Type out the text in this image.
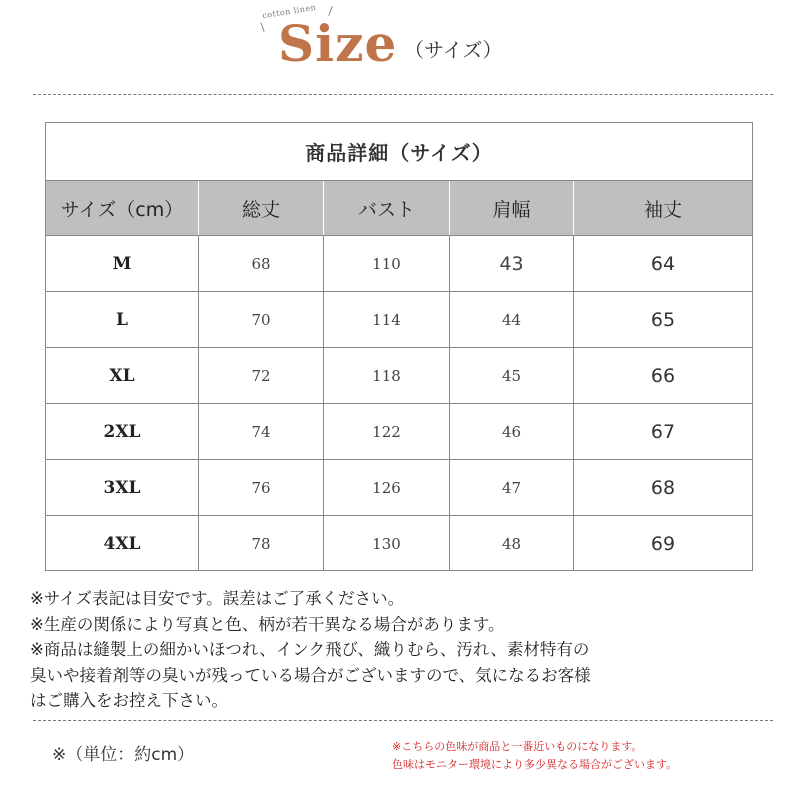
cotton linen
Size （サイズ）
商品詳細（サイズ）
サイズ（cm）	総丈	バスト	肩幅	袖丈
M	68	110	43	64
L	70	114	44	65
XL	72	118	45	66
2XL	74	122	46	67
3XL	76	126	47	68
4XL	78	130	48	69
※サイズ表記は目安です。誤差はご了承ください。
※生産の関係により写真と色、柄が若干異なる場合があります。
※商品は縫製上の細かいほつれ、インク飛び、織りむら、汚れ、素材特有の
臭いや接着剤等の臭いが残っている場合がございますので、気になるお客様
はご購入をお控え下さい。
※（単位：約cm）	※こちらの色味が商品と一番近いものになります。
色味はモニター環境により多少異なる場合がございます。
